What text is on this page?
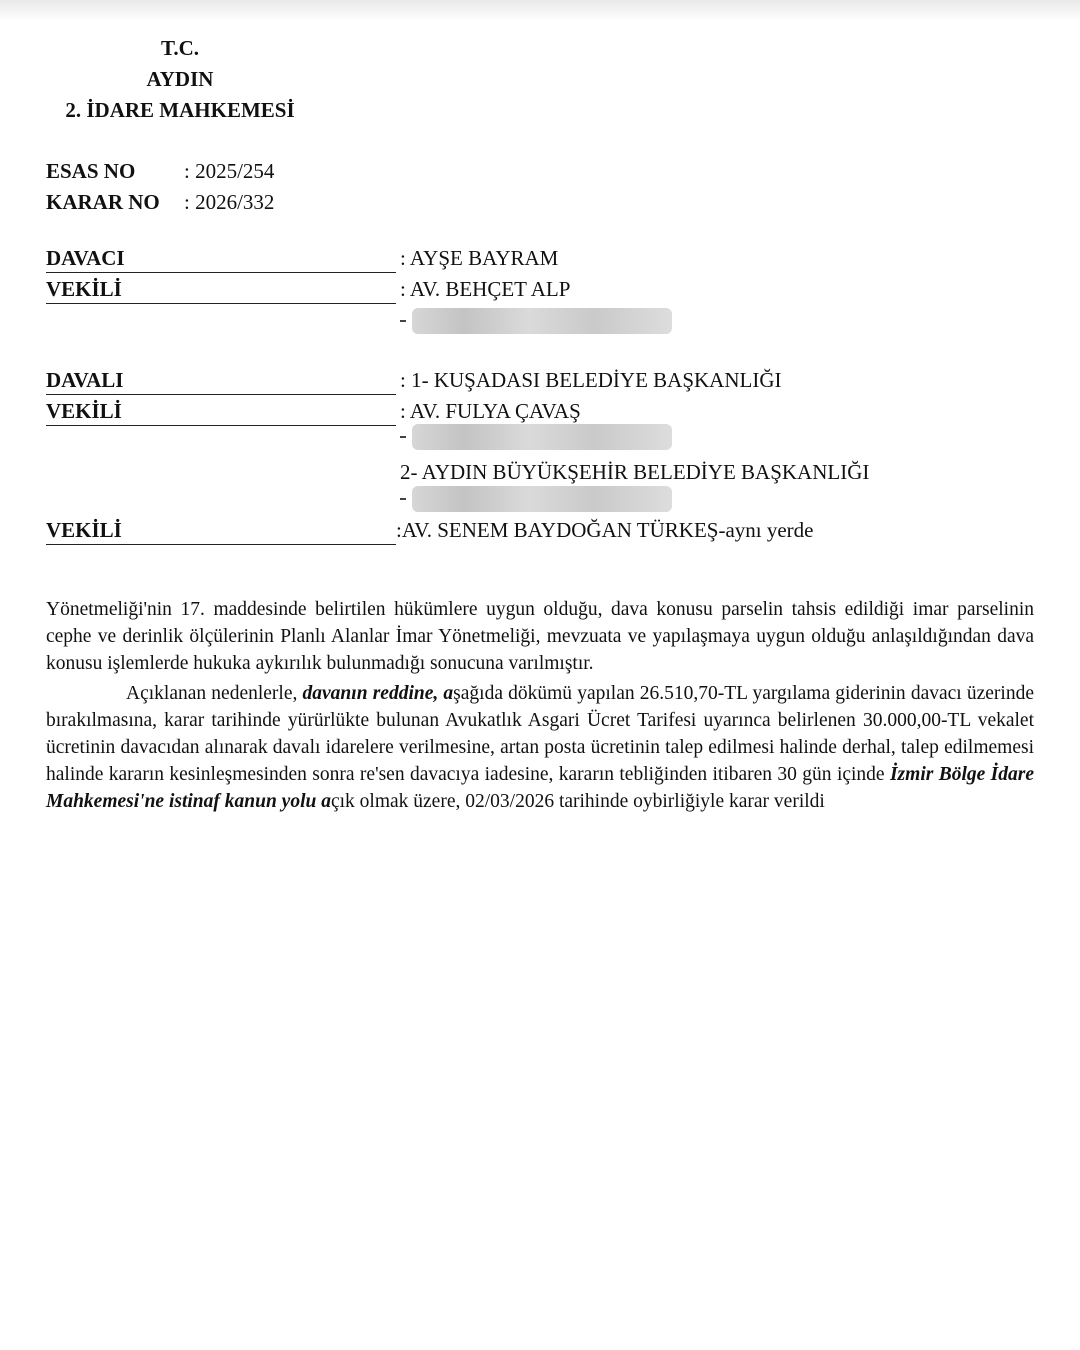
T.C.
AYDIN
2. İDARE MAHKEMESİ
ESAS NO	: 2025/254
KARAR NO	: 2026/332
DAVACI	: AYŞE BAYRAM
VEKİLİ	: AV. BEHÇET ALP
DAVALI	: 1- KUŞADASI BELEDİYE BAŞKANLIĞI
VEKİLİ	: AV. FULYA ÇAVAŞ
2- AYDIN BÜYÜKŞEHİR BELEDİYE BAŞKANLIĞI
VEKİLİ	:AV. SENEM BAYDOĞAN TÜRKEŞ-aynı yerde

Yönetmeliği'nin 17. maddesinde belirtilen hükümlere uygun olduğu, dava konusu parselin tahsis edildiği imar parselinin cephe ve derinlik ölçülerinin Planlı Alanlar İmar Yönetmeliği, mevzuata ve yapılaşmaya uygun olduğu anlaşıldığından dava konusu işlemlerde hukuka aykırılık bulunmadığı sonucuna varılmıştır.

Açıklanan nedenlerle, davanın reddine, aşağıda dökümü yapılan 26.510,70-TL yargılama giderinin davacı üzerinde bırakılmasına, karar tarihinde yürürlükte bulunan Avukatlık Asgari Ücret Tarifesi uyarınca belirlenen 30.000,00-TL vekalet ücretinin davacıdan alınarak davalı idarelere verilmesine, artan posta ücretinin talep edilmesi halinde derhal, talep edilmemesi halinde kararın kesinleşmesinden sonra re'sen davacıya iadesine, kararın tebliğinden itibaren 30 gün içinde İzmir Bölge İdare Mahkemesi'ne istinaf kanun yolu açık olmak üzere, 02/03/2026 tarihinde oybirliğiyle karar verildi
